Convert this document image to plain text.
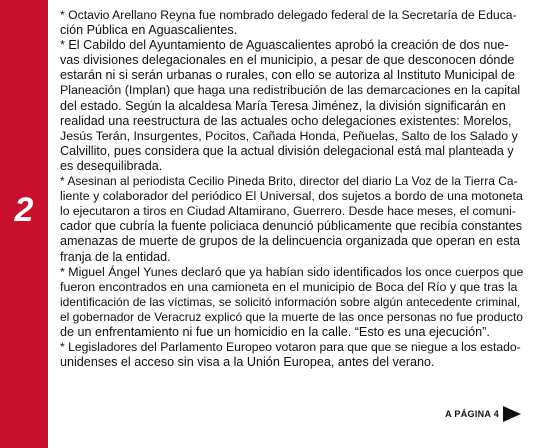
2
* Octavio Arellano Reyna fue nombrado delegado federal de la Secretaría de Educa-
ción Pública en Aguascalientes.
* El Cabildo del Ayuntamiento de Aguascalientes aprobó la creación de dos nue-
vas divisiones delegacionales en el municipio, a pesar de que desconocen dónde
estarán ni si serán urbanas o rurales, con ello se autoriza al Instituto Municipal de
Planeación (Implan) que haga una redistribución de las demarcaciones en la capital
del estado. Según la alcaldesa María Teresa Jiménez, la división significarán en
realidad una reestructura de las actuales ocho delegaciones existentes: Morelos,
Jesús Terán, Insurgentes, Pocitos, Cañada Honda, Peñuelas, Salto de los Salado y
Calvillito, pues considera que la actual división delegacional está mal planteada y
es desequilibrada.
* Asesinan al periodista Cecilio Pineda Brito, director del diario La Voz de la Tierra Ca-
liente y colaborador del periódico El Universal, dos sujetos a bordo de una motoneta
lo ejecutaron a tiros en Ciudad Altamirano, Guerrero. Desde hace meses, el comuni-
cador que cubría la fuente policiaca denunció públicamente que recibía constantes
amenazas de muerte de grupos de la delincuencia organizada que operan en esta
franja de la entidad.
* Miguel Ángel Yunes declaró que ya habían sido identificados los once cuerpos que
fueron encontrados en una camioneta en el municipio de Boca del Río y que tras la
identificación de las víctimas, se solicitó información sobre algún antecedente criminal,
el gobernador de Veracruz explicó que la muerte de las once personas no fue producto
de un enfrentamiento ni fue un homicidio en la calle. “Esto es una ejecución”.
* Legisladores del Parlamento Europeo votaron para que que se niegue a los estado-
unidenses el acceso sin visa a la Unión Europea, antes del verano.
A PÁGINA 4
